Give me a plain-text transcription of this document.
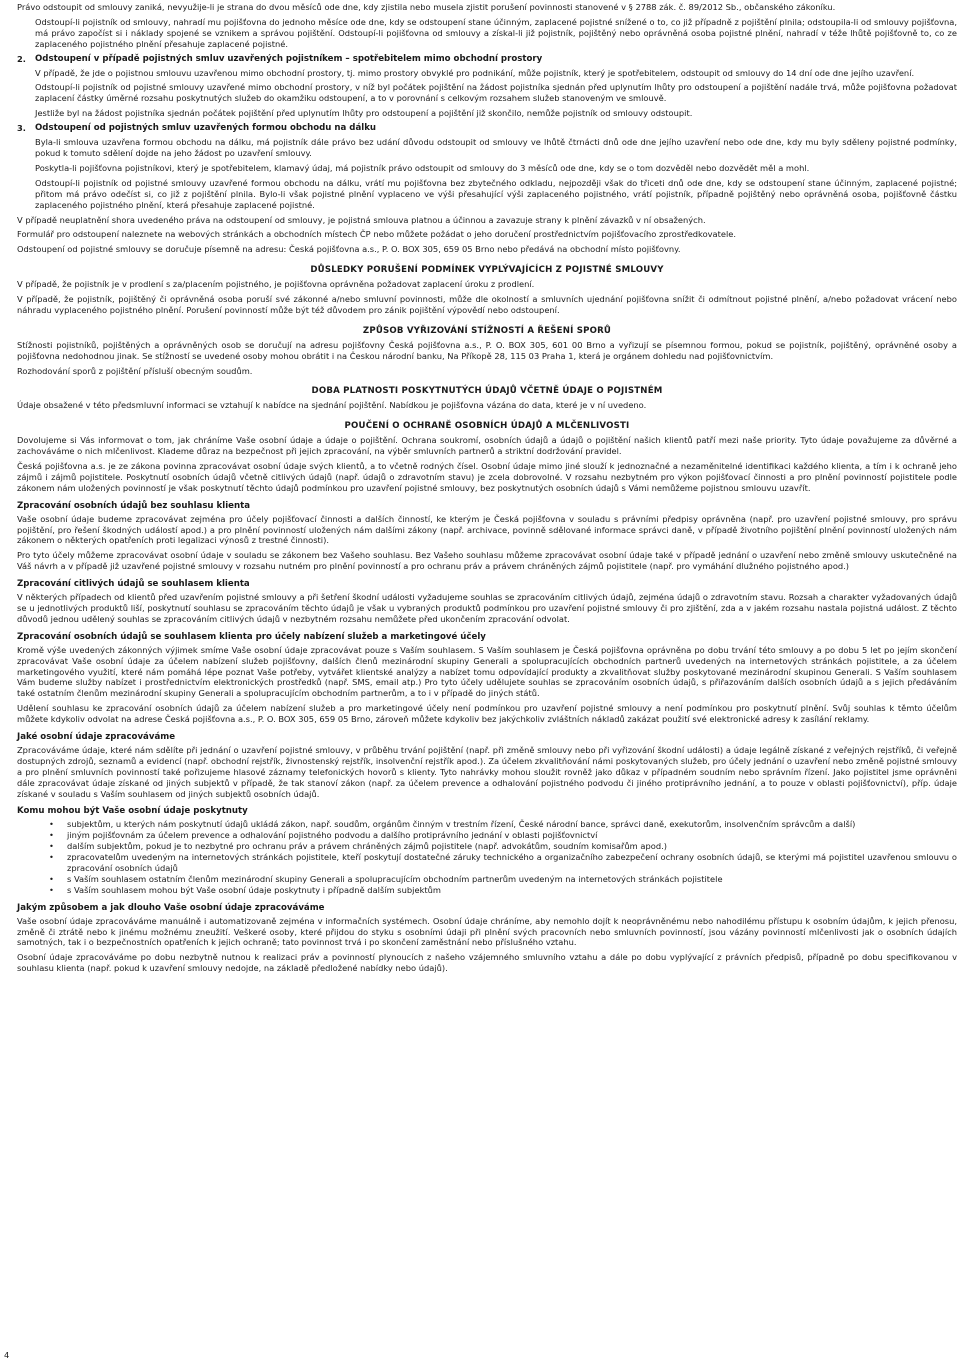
Právo odstoupit od smlouvy zaniká, nevyužije-li je strana do dvou měsíců ode dne, kdy zjistila nebo musela zjistit porušení povinnosti stanovené v § 2788 zák. č. 89/2012 Sb., občanského zákoníku.

Odstoupí-li pojistník od smlouvy, nahradí mu pojišťovna do jednoho měsíce ode dne, kdy se odstoupení stane účinným, zaplacené pojistné snížené o to, co již případně z pojištění plnila; odstoupila-li od smlouvy pojišťovna, má právo započíst si i náklady spojené se vznikem a správou pojištění. Odstoupí-li pojišťovna od smlouvy a získal-li již pojistník, pojištěný nebo oprávněná osoba pojistné plnění, nahradí v téže lhůtě pojišťovně to, co ze zaplaceného pojistného plnění přesahuje zaplacené pojistné.

2. Odstoupení v případě pojistných smluv uzavřených pojistníkem – spotřebitelem mimo obchodní prostory

V případě, že jde o pojistnou smlouvu uzavřenou mimo obchodní prostory, tj. mimo prostory obvyklé pro podnikání, může pojistník, který je spotřebitelem, odstoupit od smlouvy do 14 dní ode dne jejího uzavření.

Odstoupí-li pojistník od pojistné smlouvy uzavřené mimo obchodní prostory, v níž byl počátek pojištění na žádost pojistníka sjednán před uplynutím lhůty pro odstoupení a pojištění nadále trvá, může pojišťovna požadovat zaplacení částky úměrné rozsahu poskytnutých služeb do okamžiku odstoupení, a to v porovnání s celkovým rozsahem služeb stanoveným ve smlouvě.

Jestliže byl na žádost pojistníka sjednán počátek pojištění před uplynutím lhůty pro odstoupení a pojištění již skončilo, nemůže pojistník od smlouvy odstoupit.

3. Odstoupení od pojistných smluv uzavřených formou obchodu na dálku

Byla-li smlouva uzavřena formou obchodu na dálku, má pojistník dále právo bez udání důvodu odstoupit od smlouvy ve lhůtě čtrnácti dnů ode dne jejího uzavření nebo ode dne, kdy mu byly sděleny pojistné podmínky, pokud k tomuto sdělení dojde na jeho žádost po uzavření smlouvy.

Poskytla-li pojišťovna pojistníkovi, který je spotřebitelem, klamavý údaj, má pojistník právo odstoupit od smlouvy do 3 měsíců ode dne, kdy se o tom dozvěděl nebo dozvědět měl a mohl.

Odstoupí-li pojistník od pojistné smlouvy uzavřené formou obchodu na dálku, vrátí mu pojišťovna bez zbytečného odkladu, nejpozději však do třiceti dnů ode dne, kdy se odstoupení stane účinným, zaplacené pojistné; přitom má právo odečíst si, co již z pojištění plnila. Bylo-li však pojistné plnění vyplaceno ve výši přesahující výši zaplaceného pojistného, vrátí pojistník, případně pojištěný nebo oprávněná osoba, pojišťovně částku zaplaceného pojistného plnění, která přesahuje zaplacené pojistné.

V případě neuplatnění shora uvedeného práva na odstoupení od smlouvy, je pojistná smlouva platnou a účinnou a zavazuje strany k plnění závazků v ní obsažených.

Formulář pro odstoupení naleznete na webových stránkách a obchodních místech ČP nebo můžete požádat o jeho doručení prostřednictvím pojišťovacího zprostředkovatele.

Odstoupení od pojistné smlouvy se doručuje písemně na adresu: Česká pojišťovna a.s., P. O. BOX 305, 659 05 Brno nebo předává na obchodní místo pojišťovny.

DŮSLEDKY PORUŠENÍ PODMÍNEK VYPLÝVAJÍCÍCH Z POJISTNÉ SMLOUVY

V případě, že pojistník je v prodlení s za/placením pojistného, je pojišťovna oprávněna požadovat zaplacení úroku z prodlení.

V případě, že pojistník, pojištěný či oprávněná osoba poruší své zákonné a/nebo smluvní povinnosti, může dle okolností a smluvních ujednání pojišťovna snížit či odmítnout pojistné plnění, a/nebo požadovat vrácení nebo náhradu vyplaceného pojistného plnění. Porušení povinností může být též důvodem pro zánik pojištění výpovědí nebo odstoupení.

ZPŮSOB VYŘIZOVÁNÍ STÍŽNOSTÍ A ŘEŠENÍ SPORŮ

Stížnosti pojistníků, pojištěných a oprávněných osob se doručují na adresu pojišťovny Česká pojišťovna a.s., P. O. BOX 305, 601 00 Brno a vyřizují se písemnou formou, pokud se pojistník, pojištěný, oprávněné osoby a pojišťovna nedohodnou jinak. Se stížností se uvedené osoby mohou obrátit i na Českou národní banku, Na Příkopě 28, 115 03 Praha 1, která je orgánem dohledu nad pojišťovnictvím.

Rozhodování sporů z pojištění přísluší obecným soudům.

DOBA PLATNOSTI POSKYTNUTÝCH ÚDAJŮ VČETNĚ ÚDAJE O POJISTNÉM

Údaje obsažené v této předsmluvní informaci se vztahují k nabídce na sjednání pojištění. Nabídkou je pojišťovna vázána do data, které je v ní uvedeno.

POUČENÍ O OCHRANĚ OSOBNÍCH ÚDAJŮ A MLČENLIVOSTI

Dovolujeme si Vás informovat o tom, jak chráníme Vaše osobní údaje a údaje o pojištění. Ochrana soukromí, osobních údajů a údajů o pojištění našich klientů patří mezi naše priority. Tyto údaje považujeme za důvěrné a zachováváme o nich mlčenlivost. Klademe důraz na bezpečnost při jejich zpracování, na výběr smluvních partnerů a striktní dodržování pravidel.

Česká pojišťovna a.s. je ze zákona povinna zpracovávat osobní údaje svých klientů, a to včetně rodných čísel. Osobní údaje mimo jiné slouží k jednoznačné a nezaměnitelné identifikaci každého klienta, a tím i k ochraně jeho zájmů i zájmů pojistitele. Poskytnutí osobních údajů včetně citlivých údajů (např. údajů o zdravotním stavu) je zcela dobrovolné. V rozsahu nezbytném pro výkon pojišťovací činnosti a pro plnění povinností pojistitele podle zákonem nám uložených povinností je však poskytnutí těchto údajů podmínkou pro uzavření pojistné smlouvy, bez poskytnutých osobních údajů s Vámi nemůžeme pojistnou smlouvu uzavřít.

Zpracování osobních údajů bez souhlasu klienta

Vaše osobní údaje budeme zpracovávat zejména pro účely pojišťovací činnosti a dalších činností, ke kterým je Česká pojišťovna v souladu s právními předpisy oprávněna (např. pro uzavření pojistné smlouvy, pro správu pojištění, pro řešení škodných událostí apod.) a pro plnění povinností uložených nám dalšími zákony (např. archivace, povinně sdělované informace správci daně, v případě životního pojištění plnění povinností uložených nám zákonem o některých opatřeních proti legalizaci výnosů z trestné činnosti).

Pro tyto účely můžeme zpracovávat osobní údaje v souladu se zákonem bez Vašeho souhlasu. Bez Vašeho souhlasu můžeme zpracovávat osobní údaje také v případě jednání o uzavření nebo změně smlouvy uskutečněné na Váš návrh a v případě již uzavřené pojistné smlouvy v rozsahu nutném pro plnění povinností a pro ochranu práv a právem chráněných zájmů pojistitele (např. pro vymáhání dlužného pojistného apod.)

Zpracování citlivých údajů se souhlasem klienta

V některých případech od klientů před uzavřením pojistné smlouvy a při šetření škodní události vyžadujeme souhlas se zpracováním citlivých údajů, zejména údajů o zdravotním stavu. Rozsah a charakter vyžadovaných údajů se u jednotlivých produktů liší, poskytnutí souhlasu se zpracováním těchto údajů je však u vybraných produktů podmínkou pro uzavření pojistné smlouvy či pro zjištění, zda a v jakém rozsahu nastala pojistná událost. Z těchto důvodů jednou udělený souhlas se zpracováním citlivých údajů v nezbytném rozsahu nemůžete před ukončením zpracování odvolat.

Zpracování osobních údajů se souhlasem klienta pro účely nabízení služeb a marketingové účely

Kromě výše uvedených zákonných výjimek smíme Vaše osobní údaje zpracovávat pouze s Vaším souhlasem. S Vaším souhlasem je Česká pojišťovna oprávněna po dobu trvání této smlouvy a po dobu 5 let po jejím skončení zpracovávat Vaše osobní údaje za účelem nabízení služeb pojišťovny, dalších členů mezinárodní skupiny Generali a spolupracujících obchodních partnerů uvedených na internetových stránkách pojistitele, a za účelem marketingového využití, které nám pomáhá lépe poznat Vaše potřeby, vytvářet klientské analýzy a nabízet tomu odpovídající produkty a zkvalitňovat služby poskytované mezinárodní skupinou Generali. S Vaším souhlasem Vám budeme služby nabízet i prostřednictvím elektronických prostředků (např. SMS, email atp.) Pro tyto účely udělujete souhlas se zpracováním osobních údajů, s přiřazováním dalších osobních údajů a s jejich předáváním také ostatním členům mezinárodní skupiny Generali a spolupracujícím obchodním partnerům, a to i v případě do jiných států.

Udělení souhlasu ke zpracování osobních údajů za účelem nabízení služeb a pro marketingové účely není podmínkou pro uzavření pojistné smlouvy a není podmínkou pro poskytnutí plnění. Svůj souhlas k těmto účelům můžete kdykoliv odvolat na adrese Česká pojišťovna a.s., P. O. BOX 305, 659 05 Brno, zároveň můžete kdykoliv bez jakýchkoliv zvláštních nákladů zakázat použití své elektronické adresy k zasílání reklamy.

Jaké osobní údaje zpracováváme

Zpracováváme údaje, které nám sdělíte při jednání o uzavření pojistné smlouvy, v průběhu trvání pojištění (např. při změně smlouvy nebo při vyřizování škodní události) a údaje legálně získané z veřejných rejstříků, či veřejně dostupných zdrojů, seznamů a evidencí (např. obchodní rejstřík, živnostenský rejstřík, insolvenční rejstřík apod.). Za účelem zkvalitňování námi poskytovaných služeb, pro účely jednání o uzavření nebo změně pojistné smlouvy a pro plnění smluvních povinností také pořizujeme hlasové záznamy telefonických hovorů s klienty. Tyto nahrávky mohou sloužit rovněž jako důkaz v případném soudním nebo správním řízení. Jako pojistitel jsme oprávněni dále zpracovávat údaje získané od jiných subjektů v případě, že tak stanoví zákon (např. za účelem prevence a odhalování pojistného podvodu či jiného protiprávního jednání, a to pouze v oblasti pojišťovnictví), příp. údaje získané v souladu s Vaším souhlasem od jiných subjektů osobních údajů.

Komu mohou být Vaše osobní údaje poskytnuty
• subjektům, u kterých nám poskytnutí údajů ukládá zákon, např. soudům, orgánům činným v trestním řízení, České národní bance, správci daně, exekutorům, insolvenčním správcům a další)
• jiným pojišťovnám za účelem prevence a odhalování pojistného podvodu a dalšího protiprávního jednání v oblasti pojišťovnictví
• dalším subjektům, pokud je to nezbytné pro ochranu práv a právem chráněných zájmů pojistitele (např. advokátům, soudním komisařům apod.)
• zpracovatelům uvedeným na internetových stránkách pojistitele, kteří poskytují dostatečné záruky technického a organizačního zabezpečení ochrany osobních údajů, se kterými má pojistitel uzavřenou smlouvu o zpracování osobních údajů
• s Vaším souhlasem ostatním členům mezinárodní skupiny Generali a spolupracujícím obchodním partnerům uvedeným na internetových stránkách pojistitele
• s Vaším souhlasem mohou být Vaše osobní údaje poskytnuty i případně dalším subjektům
Jakým způsobem a jak dlouho Vaše osobní údaje zpracováváme

Vaše osobní údaje zpracováváme manuálně i automatizovaně zejména v informačních systémech. Osobní údaje chráníme, aby nemohlo dojít k neoprávněnému nebo nahodilému přístupu k osobním údajům, k jejich přenosu, změně či ztrátě nebo k jinému možnému zneužití. Veškeré osoby, které přijdou do styku s osobními údaji při plnění svých pracovních nebo smluvních povinností, jsou vázány povinností mlčenlivosti jak o osobních údajích samotných, tak i o bezpečnostních opatřeních k jejich ochraně; tato povinnost trvá i po skončení zaměstnání nebo příslušného vztahu.

Osobní údaje zpracováváme po dobu nezbytně nutnou k realizaci práv a povinností plynoucích z našeho vzájemného smluvního vztahu a dále po dobu vyplývající z právních předpisů, případně po dobu specifikovanou v souhlasu klienta (např. pokud k uzavření smlouvy nedojde, na základě předložené nabídky nebo údajů).

4
